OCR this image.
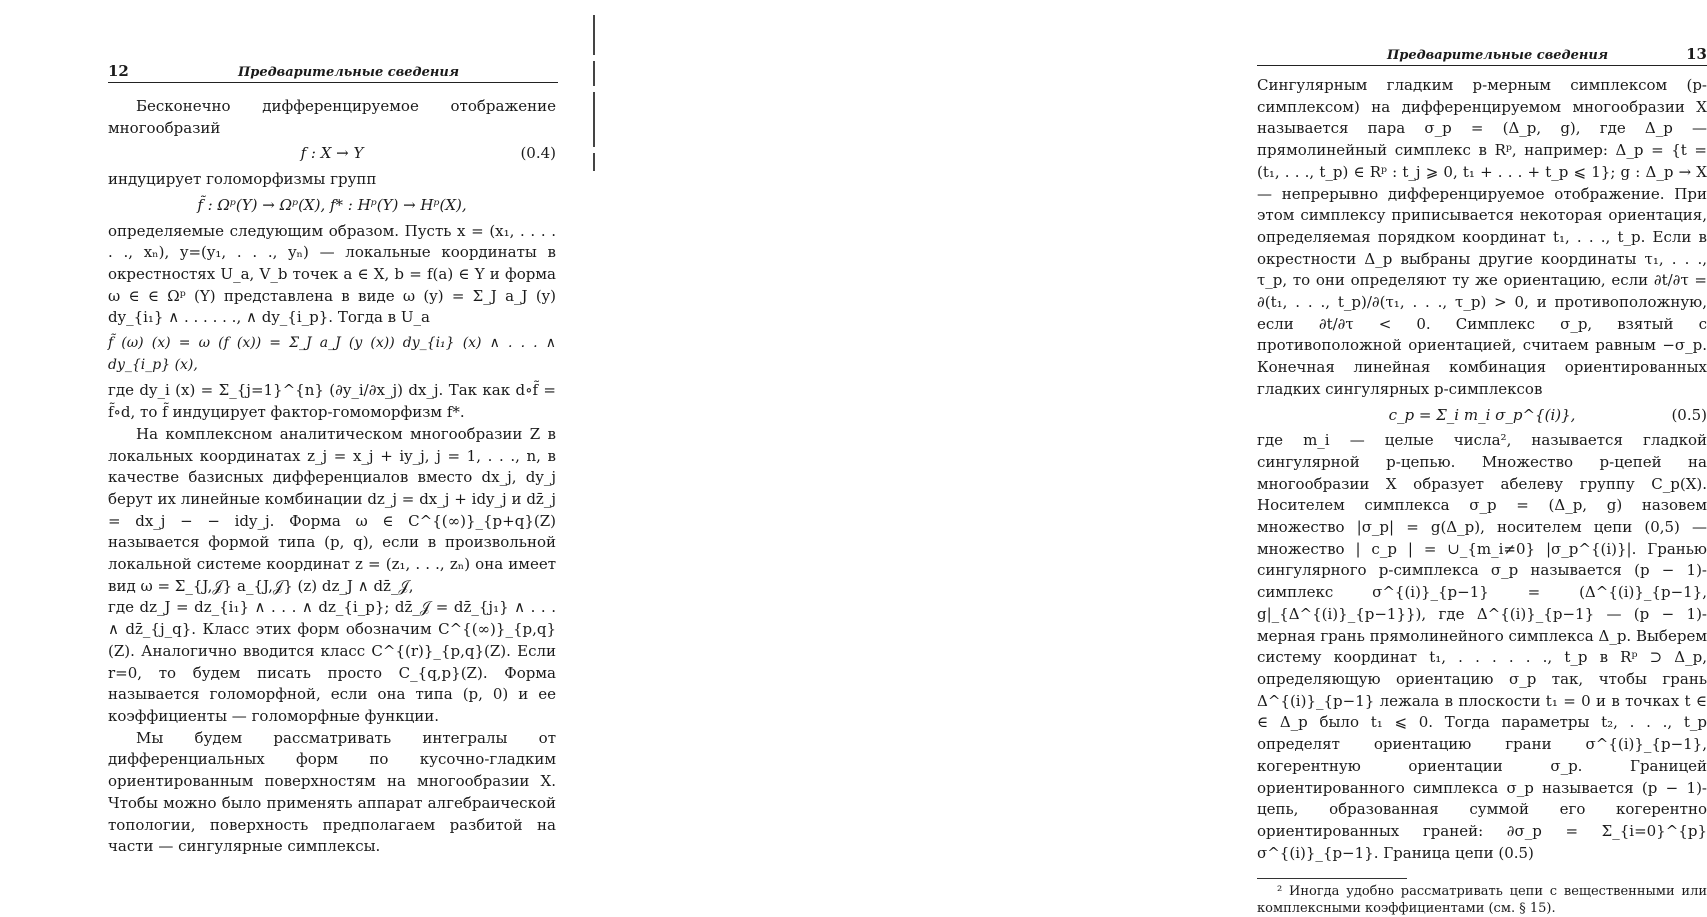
12	Предварительные сведения

Бесконечно дифференцируемое отображение многообразий

f : X → Y	(0.4)

индуцирует голоморфизмы групп

f̃ : Ωᵖ(Y) → Ωᵖ(X), f* : Hᵖ(Y) → Hᵖ(X),

определяемые следующим образом. Пусть x = (x₁, . . . . . ., xₙ), y=(y₁, . . ., yₙ) — локальные координаты в окрестностях U_a, V_b точек a ∈ X, b = f(a) ∈ Y и форма ω ∈ ∈ Ωᵖ (Y) представлена в виде ω (y) = Σ_J a_J (y) dy_{i₁} ∧ . . . . . ., ∧ dy_{i_p}. Тогда в U_a

f̃ (ω) (x) = ω (f (x)) = Σ_J a_J (y (x)) dy_{i₁} (x) ∧ . . . ∧ dy_{i_p} (x),

где dy_i (x) = Σ_{j=1}^{n} (∂y_i/∂x_j) dx_j. Так как d∘f̃ = f̃∘d, то f̃ индуцирует фактор-гомоморфизм f*.

На комплексном аналитическом многообразии Z в локальных координатах z_j = x_j + iy_j, j = 1, . . ., n, в качестве базисных дифференциалов вместо dx_j, dy_j берут их линейные комбинации dz_j = dx_j + idy_j и dz̄_j = dx_j − − idy_j. Форма ω ∈ C^{(∞)}_{p+q}(Z) называется формой типа (p, q), если в произвольной локальной системе координат z = (z₁, . . ., zₙ) она имеет вид ω = Σ_{J,𝒥} a_{J,𝒥} (z) dz_J ∧ dz̄_𝒥,

где dz_J = dz_{i₁} ∧ . . . ∧ dz_{i_p}; dz̄_𝒥 = dz̄_{j₁} ∧ . . . ∧ dz̄_{j_q}. Класс этих форм обозначим C^{(∞)}_{p,q}(Z). Аналогично вводится класс C^{(r)}_{p,q}(Z). Если r=0, то будем писать просто C_{q,p}(Z). Форма называется голоморфной, если она типа (p, 0) и ее коэффициенты — голоморфные функции.

Мы будем рассматривать интегралы от дифференциальных форм по кусочно-гладким ориентированным поверхностям на многообразии X. Чтобы можно было применять аппарат алгебраической топологии, поверхность предполагаем разбитой на части — сингулярные симплексы.

Предварительные сведения	13

Сингулярным гладким p-мерным симплексом (p-симплексом) на дифференцируемом многообразии X называется пара σ_p = (Δ_p, g), где Δ_p — прямолинейный симплекс в Rᵖ, например: Δ_p = {t = (t₁, . . ., t_p) ∈ Rᵖ : t_j ⩾ 0, t₁ + . . . + t_p ⩽ 1}; g : Δ_p → X — непрерывно дифференцируемое отображение. При этом симплексу приписывается некоторая ориентация, определяемая порядком координат t₁, . . ., t_p. Если в окрестности Δ_p выбраны другие координаты τ₁, . . ., τ_p, то они определяют ту же ориентацию, если ∂t/∂τ = ∂(t₁, . . ., t_p)/∂(τ₁, . . ., τ_p) > 0, и противоположную, если ∂t/∂τ < 0. Симплекс σ_p, взятый с противоположной ориентацией, считаем равным −σ_p. Конечная линейная комбинация ориентированных гладких сингулярных p-симплексов

c_p = Σ_i m_i σ_p^{(i)},	(0.5)

где m_i — целые числа², называется гладкой сингулярной p-цепью. Множество p-цепей на многообразии X образует абелеву группу C_p(X). Носителем симплекса σ_p = (Δ_p, g) назовем множество |σ_p| = g(Δ_p), носителем цепи (0,5) — множество | c_p | = ∪_{m_i≠0} |σ_p^{(i)}|. Гранью сингулярного p-симплекса σ_p называется (p − 1)-симплекс σ^{(i)}_{p−1} = (Δ^{(i)}_{p−1}, g|_{Δ^{(i)}_{p−1}}), где Δ^{(i)}_{p−1} — (p − 1)-мерная грань прямолинейного симплекса Δ_p. Выберем систему координат t₁, . . . . . ., t_p в Rᵖ ⊃ Δ_p, определяющую ориентацию σ_p так, чтобы грань Δ^{(i)}_{p−1} лежала в плоскости t₁ = 0 и в точках t ∈ ∈ Δ_p было t₁ ⩽ 0. Тогда параметры t₂, . . ., t_p определят ориентацию грани σ^{(i)}_{p−1}, когерентную ориентации σ_p. Границей ориентированного симплекса σ_p называется (p − 1)-цепь, образованная суммой его когерентно ориентированных граней: ∂σ_p = Σ_{i=0}^{p} σ^{(i)}_{p−1}. Граница цепи (0.5)

² Иногда удобно рассматривать цепи с вещественными или комплексными коэффициентами (см. § 15).
